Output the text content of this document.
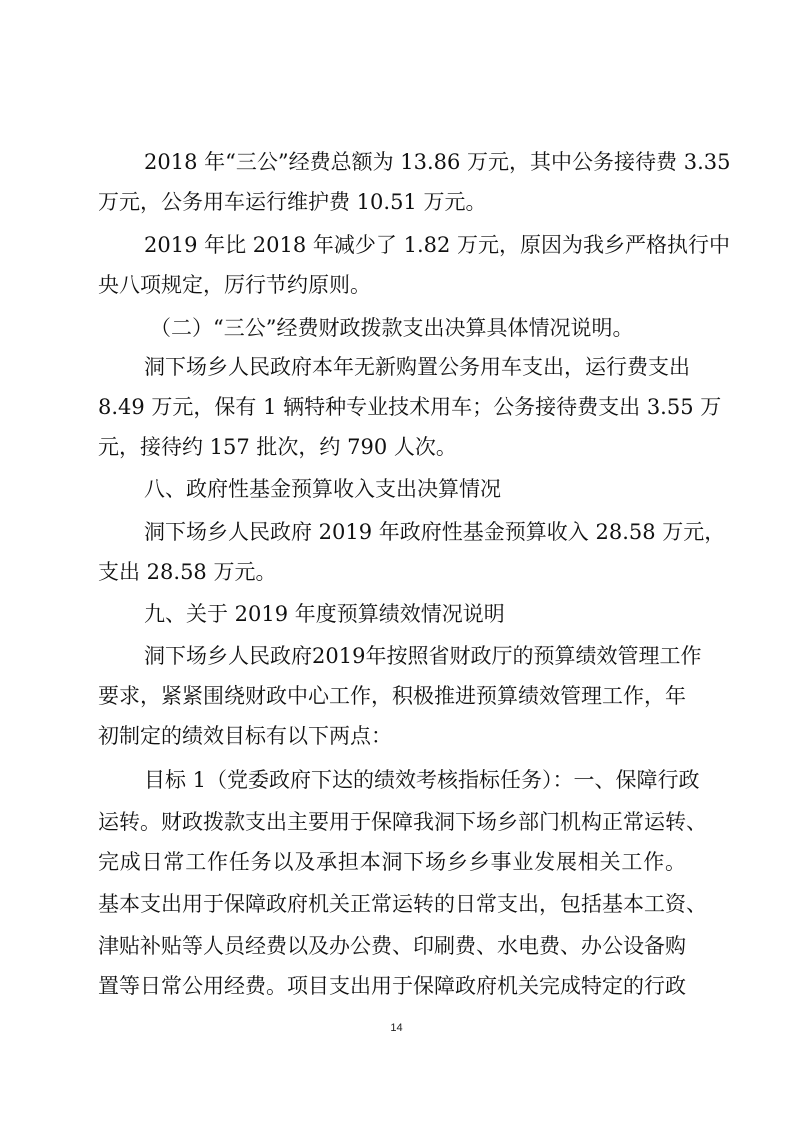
2018 年“三公”经费总额为 13.86 万元，其中公务接待费 3.35
万元，公务用车运行维护费 10.51 万元。
2019 年比 2018 年减少了 1.82 万元，原因为我乡严格执行中
央八项规定，厉行节约原则。
（二）“三公”经费财政拨款支出决算具体情况说明。
洞下场乡人民政府本年无新购置公务用车支出，运行费支出
8.49 万元，保有 1 辆特种专业技术用车；公务接待费支出 3.55 万
元，接待约 157 批次，约 790 人次。
八、政府性基金预算收入支出决算情况
洞下场乡人民政府 2019 年政府性基金预算收入 28.58 万元，
支出 28.58 万元。
九、关于 2019 年度预算绩效情况说明
洞下场乡人民政府2019年按照省财政厅的预算绩效管理工作
要求，紧紧围绕财政中心工作，积极推进预算绩效管理工作，年
初制定的绩效目标有以下两点：
目标 1（党委政府下达的绩效考核指标任务）：一、保障行政
运转。财政拨款支出主要用于保障我洞下场乡部门机构正常运转、
完成日常工作任务以及承担本洞下场乡乡事业发展相关工作。
基本支出用于保障政府机关正常运转的日常支出，包括基本工资、
津贴补贴等人员经费以及办公费、印刷费、水电费、办公设备购
置等日常公用经费。项目支出用于保障政府机关完成特定的行政
14
